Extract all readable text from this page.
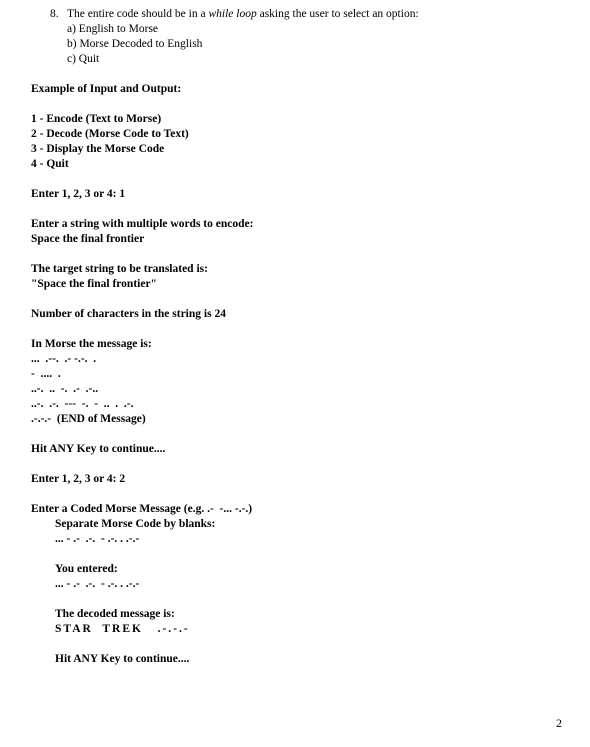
8. The entire code should be in a while loop asking the user to select an option:
a) English to Morse
b) Morse Decoded to English
c) Quit
Example of Input and Output:
1 - Encode (Text to Morse)
2 - Decode (Morse Code to Text)
3 - Display the Morse Code
4 - Quit
Enter 1, 2, 3 or 4: 1
Enter a string with multiple words to encode:
Space the final frontier
The target string to be translated is:
"Space the final frontier"
Number of characters in the string is 24
In Morse the message is:
...  .--.  .- -.-.  .
-  ....  .
..-.  ..  -.  .-  .-..
..-.  .-.  ---  -.  -  ..  .  .-.
.-.-.-  (END of Message)
Hit ANY Key to continue....
Enter 1, 2, 3 or 4: 2
Enter a Coded Morse Message (e.g. .-  -... -.-.)
Separate Morse Code by blanks:
... - .-  .-.  - .-. . .-.-
You entered:
... - .-  .-.  - .-. . .-.-
The decoded message is:
STAR  TREK   .-.-.-
Hit ANY Key to continue....
2
